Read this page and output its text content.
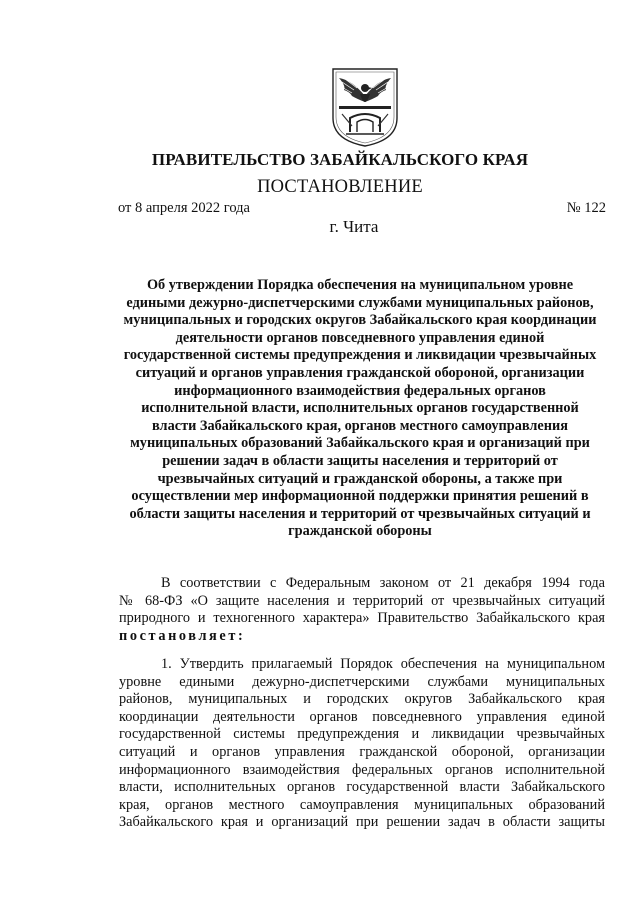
ПРАВИТЕЛЬСТВО ЗАБАЙКАЛЬСКОГО КРАЯ
ПОСТАНОВЛЕНИЕ
от 8 апреля 2022 года	№ 122
г. Чита
Об утверждении Порядка обеспечения на муниципальном уровне
едиными дежурно-диспетчерскими службами муниципальных районов,
муниципальных и городских округов Забайкальского края координации
деятельности органов повседневного управления единой
государственной системы предупреждения и ликвидации чрезвычайных
ситуаций и органов управления гражданской обороной, организации
информационного взаимодействия федеральных органов
исполнительной власти, исполнительных органов государственной
власти Забайкальского края, органов местного самоуправления
муниципальных образований Забайкальского края и организаций при
решении задач в области защиты населения и территорий от
чрезвычайных ситуаций и гражданской обороны, а также при
осуществлении мер информационной поддержки принятия решений в
области защиты населения и территорий от чрезвычайных ситуаций и
гражданской обороны
В соответствии с Федеральным законом от 21 декабря 1994 года
№ 68-ФЗ «О защите населения и территорий от чрезвычайных ситуаций
природного и техногенного характера» Правительство Забайкальского края
постановляет:
1. Утвердить прилагаемый Порядок обеспечения на муниципальном
уровне едиными дежурно-диспетчерскими службами муниципальных
районов, муниципальных и городских округов Забайкальского края
координации деятельности органов повседневного управления единой
государственной системы предупреждения и ликвидации чрезвычайных
ситуаций и органов управления гражданской обороной, организации
информационного взаимодействия федеральных органов исполнительной
власти, исполнительных органов государственной власти Забайкальского
края, органов местного самоуправления муниципальных образований
Забайкальского края и организаций при решении задач в области защиты
